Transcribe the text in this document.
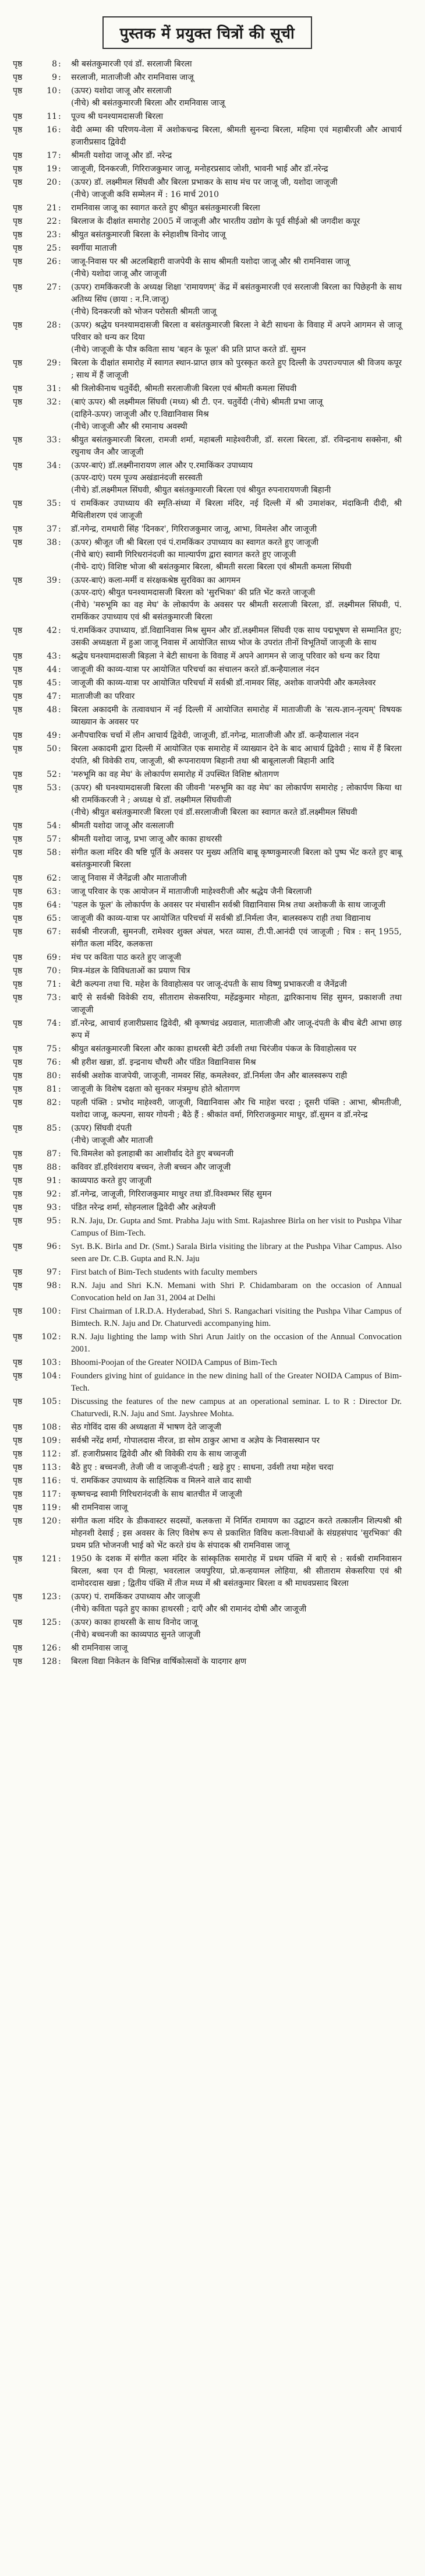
पुस्तक में प्रयुक्त चित्रों की सूची
पृष्ठ	8 :	श्री बसंतकुमारजी एवं डॉ. सरलाजी बिरला
पृष्ठ	9 :	सरलाजी, माताजीजी और रामनिवास जाजू
पृष्ठ	10 :	(ऊपर) यशोदा जाजू और सरलाजी
(नीचे) श्री बसंतकुमारजी बिरला और रामनिवास जाजू
पृष्ठ	11 :	पूज्य श्री घनश्यामदासजी बिरला
पृष्ठ	16 :	वेदी अम्मा की परिणय-वेला में अशोकचन्द्र बिरला, श्रीमती सुनन्दा बिरला, महिमा एवं महाबीरजी और आचार्य हजारीप्रसाद द्विवेदी
पृष्ठ	17 :	श्रीमती यशोदा जाजू और डॉ. नरेन्द्र
पृष्ठ	19 :	जाजूजी, दिनकरजी, गिरिराजकुमार जाजू, मनोहरप्रसाद जोशी, भावनी भाई और डॉ.नरेन्द्र
पृष्ठ	20 :	(ऊपर) डॉ. लक्ष्मीमल सिंघवी और बिरला प्रभाकर के साथ मंच पर जाजू जी, यशोदा जाजूजी
(नीचे) जाजूजी कवि सम्मेलन में : 16 मार्च 2010
पृष्ठ	21 :	रामनिवास जाजू का स्वागत करते हुए श्रीयुत बसंतकुमारजी बिरला
पृष्ठ	22 :	बिरलाज के दीक्षांत समारोह 2005 में जाजूजी और भारतीय उद्योग के पूर्व सीईओ श्री जगदीश कपूर
पृष्ठ	23 :	श्रीयुत बसंतकुमारजी बिरला के स्नेहाशीष विनोद जाजू
पृष्ठ	25 :	स्वर्गीया माताजी
पृष्ठ	26 :	जाजू-निवास पर श्री अटलबिहारी वाजपेयी के साथ श्रीमती यशोदा जाजू और श्री रामनिवास जाजू
(नीचे) यशोदा जाजू और जाजूजी
पृष्ठ	27 :	(ऊपर) रामकिंकरजी के अध्यक्ष शिक्षा 'रामायणम्' केंद्र में बसंतकुमारजी एवं सरलाजी बिरला का पिछेहनी के साथ अतिथ्य सिंघ (छाया : न.नि.जाजू)
(नीचे) दिनकरजी को भोजन परोसती श्रीमती जाजू
पृष्ठ	28 :	(ऊपर) श्रद्धेय घनश्यामदासजी बिरला व बसंतकुमारजी बिरला ने बेटी साधना के विवाह में अपने आगमन से जाजू परिवार को धन्य कर दिया
(नीचे) जाजूजी के पौत्र कविता साथ 'बहन के फूल' की प्रति प्राप्त करते डॉ. सुमन
पृष्ठ	29 :	बिरला के दीक्षांत समारोह में स्वागत स्थान-प्राप्त छात्र को पुरस्कृत करते हुए दिल्ली के उपराज्यपाल श्री विजय कपूर ; साथ में हैं जाजूजी
पृष्ठ	31 :	श्री त्रिलोकीनाथ चतुर्वेदी, श्रीमती सरलाजीजी बिरला एवं श्रीमती कमला सिंघवी
पृष्ठ	32 :	(बाएं ऊपर) श्री लक्ष्मीमल सिंघवी (मध्य) श्री टी. एन. चतुर्वेदी (नीचे) श्रीमती प्रभा जाजू
(दाहिने-ऊपर) जाजूजी और ए.विद्यानिवास मिश्र
(नीचे) जाजूजी और श्री रमानाथ अवस्थी
पृष्ठ	33 :	श्रीयुत बसंतकुमारजी बिरला, रामजी शर्मा, महाबली माहेश्वरीजी, डॉ. सरला बिरला, डॉ. रविन्द्रनाथ सक्सेना, श्री रघुनाथ जैन और जाजूजी
पृष्ठ	34 :	(ऊपर-बाएं) डॉ.लक्ष्मीनारायण लाल और ए.रमाकिंकर उपाध्याय
(ऊपर-दाएं) परम पूज्य अखंडानंदजी सरस्वती
(नीचे) डॉ.लक्ष्मीमल सिंघवी, श्रीयुत बसंतकुमारजी बिरला एवं श्रीयुत रुपनारायणजी बिहानी
पृष्ठ	35 :	पं रामकिंकर उपाध्याय की स्मृति-संध्या में बिरला मंदिर, नई दिल्ली में श्री उमाशंकर, मंदाकिनी दीदी, श्री मैथिलीशरण एवं जाजूजी
पृष्ठ	37 :	डॉ.नगेन्द्र, रामधारी सिंह 'दिनकर', गिरिराजकुमार जाजू, आभा, विमलेश और जाजूजी
पृष्ठ	38 :	(ऊपर) श्रीजूत जी श्री बिरला एवं पं.रामकिंकर उपाध्याय का स्वागत करते हुए जाजूजी
(नीचे बाएं) स्वामी गिरिधरानंदजी का माल्यार्पण द्वारा स्वागत करते हुए जाजूजी
(नीचे- दाएं) विशिष्ट भोजा श्री बसंतकुमार बिरला, श्रीमती सरला बिरला एवं श्रीमती कमला सिंघवी
पृष्ठ	39 :	(ऊपर-बाएं) कला-मर्मी व संरक्षकश्रेष्ठ सुरविका का आगमन
(ऊपर-दाएं) श्रीयुत घनश्यामदासजी बिरला को 'सुरभिका' की प्रति भेंट करते जाजूजी
(नीचे) 'मरुभूमि का वह मेघ' के लोकार्पण के अवसर पर श्रीमती सरलाजी बिरला, डॉ. लक्ष्मीमल सिंघवी, पं. रामकिंकर उपाध्याय एवं श्री बसंतकुमारजी बिरला
पृष्ठ	42 :	पं.रामकिंकर उपाध्याय, डॉ.विद्यानिवास मिश्र सुमन और डॉ.लक्ष्मीमल सिंघवी एक साथ पद्मभूषण से सम्मानित हुए; उसकी अध्यक्षता में हुआ जाजू निवास में आयोजित साध्य भोज के उपरांत तीनों विभूतियों जाजूजी के साथ
पृष्ठ	43 :	श्रद्धेय घनश्यामदासजी बिड़ला ने बेटी साधना के विवाह में अपने आगमन से जाजू परिवार को धन्य कर दिया
पृष्ठ	44 :	जाजूजी की काव्य-यात्रा पर आयोजित परिचर्चा का संचालन करते डॉ.कन्हैयालाल नंदन
पृष्ठ	45 :	जाजूजी की काव्य-यात्रा पर आयोजित परिचर्चा में सर्वश्री डॉ.नामवर सिंह, अशोक वाजपेयी और कमलेश्वर
पृष्ठ	47 :	माताजीजी का परिवार
पृष्ठ	48 :	बिरला अकादमी के तत्वावधान में नई दिल्ली में आयोजित समारोह में माताजीजी के 'सत्य-ज्ञान-नृत्यम्' विषयक व्याख्यान के अवसर पर
पृष्ठ	49 :	अनौपचारिक चर्चा में लीन आचार्य द्विवेदी, जाजूजी, डॉ.नगेन्द्र, माताजीजी और डॉ. कन्हैयालाल नंदन
पृष्ठ	50 :	बिरला अकादमी द्वारा दिल्ली में आयोजित एक समारोह में व्याख्यान देने के बाद आचार्य द्विवेदी ; साथ में हैं बिरला दंपति, श्री विवेकी राय, जाजूजी, श्री रूपनारायण बिहानी तथा श्री बाबूलालजी बिहानी आदि
पृष्ठ	52 :	'मरुभूमि का वह मेघ' के लोकार्पण समारोह में उपस्थित विशिष्ट श्रोतागण
पृष्ठ	53 :	(ऊपर) श्री घनश्यामदासजी बिरला की जीवनी 'मरुभूमि का वह मेघ' का लोकार्पण समारोह ; लोकार्पण किया था श्री रामकिंकरजी ने ; अध्यक्ष थे डॉ. लक्ष्मीमल सिंघवीजी
(नीचे) श्रीयुत बसंतकुमारजी बिरला एवं डॉ.सरलाजीजी बिरला का स्वागत करते डॉ.लक्ष्मीमल सिंघवी
पृष्ठ	54 :	श्रीमती यशोदा जाजू और वत्सलाजी
पृष्ठ	57 :	श्रीमती यशोदा जाजू, प्रभा जाजू और काका हाथरसी
पृष्ठ	58 :	संगीत कला मंदिर की षष्टि पूर्ति के अवसर पर मुख्य अतिथि बाबू कृष्णकुमारजी बिरला को पुष्प भेंट करते हुए बाबू बसंतकुमारजी बिरला
पृष्ठ	62 :	जाजू निवास में जैनेंद्रजी और माताजीजी
पृष्ठ	63 :	जाजू परिवार के एक आयोजन में माताजीजी माहेश्वरीजी और श्रद्धेय जैनी बिरलाजी
पृष्ठ	64 :	'पहल के फूल' के लोकार्पण के अवसर पर मंचासीन सर्वश्री विद्यानिवास मिश्र तथा अशोकजी के साथ जाजूजी
पृष्ठ	65 :	जाजूजी की काव्य-यात्रा पर आयोजित परिचर्चा में सर्वश्री डॉ.निर्मला जैन, बालस्वरूप राही तथा विद्यानाथ
पृष्ठ	67 :	सर्वश्री नीरजजी, सुमनजी, रामेश्वर शुक्ल अंचल, भरत व्यास, टी.पी.आनंदी एवं जाजूजी ; चित्र : सन् 1955, संगीत कला मंदिर, कलकत्ता
पृष्ठ	69 :	मंच पर कविता पाठ करते हुए जाजूजी
पृष्ठ	70 :	मित्र-मंडल के विविधताओं का प्रयाण चित्र
पृष्ठ	71 :	बेटी कल्पना तथा चि. महेश के विवाहोत्सव पर जाजू-दंपती के साथ विष्णु प्रभाकरजी व जैनेंद्रजी
पृष्ठ	73 :	बाएँ से सर्वश्री विवेकी राय, सीताराम सेकसरिया, महेंद्रकुमार मोहता, द्वारिकानाथ सिंह सुमन, प्रकाशजी तथा जाजूजी
पृष्ठ	74 :	डॉ.नरेन्द्र, आचार्य हजारीप्रसाद द्विवेदी, श्री कृष्णचंद्र अग्रवाल, माताजीजी और जाजू-दंपती के बीच बेटी आभा छाड़ रूप में
पृष्ठ	75 :	श्रीयुत बसंतकुमारजी बिरला और काका हाथरसी बेटी उर्वशी तथा चिरंजीव पंकज के विवाहोत्सव पर
पृष्ठ	76 :	श्री हरीश खन्ना, डॉ. इन्द्रनाथ चौधरी और पंडित विद्यानिवास मिश्र
पृष्ठ	80 :	सर्वश्री अशोक वाजपेयी, जाजूजी, नामवर सिंह, कमलेश्वर, डॉ.निर्मला जैन और बालस्वरूप राही
पृष्ठ	81 :	जाजूजी के विशेष दक्षता को सुनकर मंत्रमुग्ध होते श्रोतागण
पृष्ठ	82 :	पहली पंक्ति : प्रभोद माहेश्वरी, जाजूजी, विद्यानिवास और चि माहेश चरदा ; दूसरी पंक्ति : आभा, श्रीमतीजी, यशोदा जाजू, कल्पना, सायर गोयनी ; बैठे हैं : श्रीकांत वर्मा, गिरिराजकुमार माथुर, डॉ.सुमन व डॉ.नरेन्द्र
पृष्ठ	85 :	(ऊपर) सिंघवी दंपती
(नीचे) जाजूजी और माताजी
पृष्ठ	87 :	चि.विमलेश को इलाहाबी का आशीर्वाद देते हुए बच्चनजी
पृष्ठ	88 :	कविवर डॉ.हरिवंशराय बच्चन, तेजी बच्चन और जाजूजी
पृष्ठ	91 :	काव्यपाठ करते हुए जाजूजी
पृष्ठ	92 :	डॉ.नगेन्द्र, जाजूजी, गिरिराजकुमार माथुर तथा डॉ.विश्वम्भर सिंह सुमन
पृष्ठ	93 :	पंडित नरेन्द्र शर्मा, सोहनलाल द्विवेदी और अज्ञेयजी
पृष्ठ	95 :	R.N. Jaju, Dr. Gupta and Smt. Prabha Jaju with Smt. Rajashree Birla on her visit to Pushpa Vihar Campus of Bim-Tech.
पृष्ठ	96 :	Syt. B.K. Birla and Dr. (Smt.) Sarala Birla visiting the library at the Pushpa Vihar Campus. Also seen are Dr. C.B. Gupta and R.N. Jaju
पृष्ठ	97 :	First batch of Bim-Tech students with faculty members
पृष्ठ	98 :	R.N. Jaju and Shri K.N. Memani with Shri P. Chidambaram on the occasion of Annual Convocation held on Jan 31, 2004 at Delhi
पृष्ठ	100 :	First Chairman of I.R.D.A. Hyderabad, Shri S. Rangachari visiting the Pushpa Vihar Campus of Bimtech. R.N. Jaju and Dr. Chaturvedi accompanying him.
पृष्ठ	102 :	R.N. Jaju lighting the lamp with Shri Arun Jaitly on the occasion of the Annual Convocation 2001.
पृष्ठ	103 :	Bhoomi-Poojan of the Greater NOIDA Campus of Bim-Tech
पृष्ठ	104 :	Founders giving hint of guidance in the new dining hall of the Greater NOIDA Campus of Bim-Tech.
पृष्ठ	105 :	Discussing the features of the new campus at an operational seminar. L to R : Director Dr. Chaturvedi, R.N. Jaju and Smt. Jayshree Mohta.
पृष्ठ	108 :	सेठ गोविंद दास की अध्यक्षता में भाषण देते जाजूजी
पृष्ठ	109 :	सर्वश्री नरेंद्र शर्मा, गोपालदास नीरज, डा सोम ठाकुर आभा व अज्ञेय के निवासस्थान पर
पृष्ठ	112 :	डॉ. हजारीप्रसाद द्विवेदी और श्री विवेकी राय के साथ जाजूजी
पृष्ठ	113 :	बैठे हुए : बच्चनजी, तेजी जी व जाजूजी-दंपती ; खड़े हुए : साधना, उर्वशी तथा महेश चरदा
पृष्ठ	116 :	पं. रामकिंकर उपाध्याय के साहित्यिक व मिलने वाले वाद साथी
पृष्ठ	117 :	कृष्णचन्द्र स्वामी गिरिधरानंदजी के साथ बातचीत में जाजूजी
पृष्ठ	119 :	श्री रामनिवास जाजू
पृष्ठ	120 :	संगीत कला मंदिर के डीकवास्टर सदस्यों, कलकत्ता में निर्मित रामायण का उद्घाटन करते तत्कालीन शिल्पश्री श्री मोहनशी देसाई ; इस अवसर के लिए विशेष रूप से प्रकाशित विविध कला-विधाओं के संग्रहसंपाद 'सुरभिका' की प्रथम प्रति भोजनजी भाई को भेंट करते ग्रंथ के संपादक श्री रामनिवास जाजू
पृष्ठ	121 :	1950 के दशक में संगीत कला मंदिर के सांस्कृतिक समारोह में प्रथम पंक्ति में बाएँ से : सर्वश्री रामनिवासन बिरला, श्रवा एन दी मिल्हा, भवरलाल जयपुरिया, प्रो.कन्हयामल लोहिया, श्री सीताराम सेकसरिया एवं श्री दामोदरदास खन्ना ; द्वितीय पंक्ति में तीज मध्य में श्री बसंतकुमार बिरला व श्री माधवप्रसाद बिरला
पृष्ठ	123 :	(ऊपर) पं. रामकिंकर उपाध्याय और जाजूजी
(नीचे) कविता पढ़ते हुए काका हाथरसी ; दाएँ और श्री रामानंद दोषी और जाजूजी
पृष्ठ	125 :	(ऊपर) काका हाथरसी के साथ विनोद जाजू
(नीचे) बच्चनजी का काव्यपाठ सुनते जाजूजी
पृष्ठ	126 :	श्री रामनिवास जाजू
पृष्ठ	128 :	बिरला विद्या निकेतन के विभिन्न वार्षिकोत्सवों के यादगार क्षण
